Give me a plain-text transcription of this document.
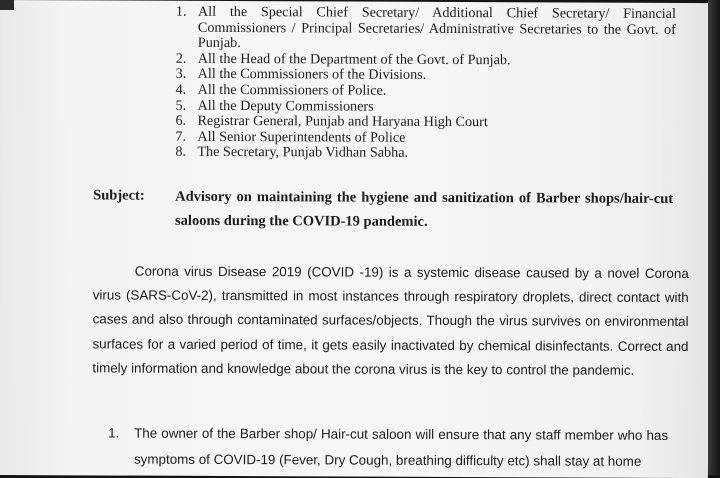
1. All the Special Chief Secretary/ Additional Chief Secretary/ Financial Commissioners / Principal Secretaries/ Administrative Secretaries to the Govt. of Punjab.
2. All the Head of the Department of the Govt. of Punjab.
3. All the Commissioners of the Divisions.
4. All the Commissioners of Police.
5. All the Deputy Commissioners
6. Registrar General, Punjab and Haryana High Court
7. All Senior Superintendents of Police
8. The Secretary, Punjab Vidhan Sabha.
Subject: Advisory on maintaining the hygiene and sanitization of Barber shops/hair-cut saloons during the COVID-19 pandemic.

Corona virus Disease 2019 (COVID -19) is a systemic disease caused by a novel Corona virus (SARS-CoV-2), transmitted in most instances through respiratory droplets, direct contact with cases and also through contaminated surfaces/objects. Though the virus survives on environmental surfaces for a varied period of time, it gets easily inactivated by chemical disinfectants. Correct and timely information and knowledge about the corona virus is the key to control the pandemic.

1.	The owner of the Barber shop/ Hair-cut saloon will ensure that any staff member who has symptoms of COVID-19 (Fever, Dry Cough, breathing difficulty etc) shall stay at home
